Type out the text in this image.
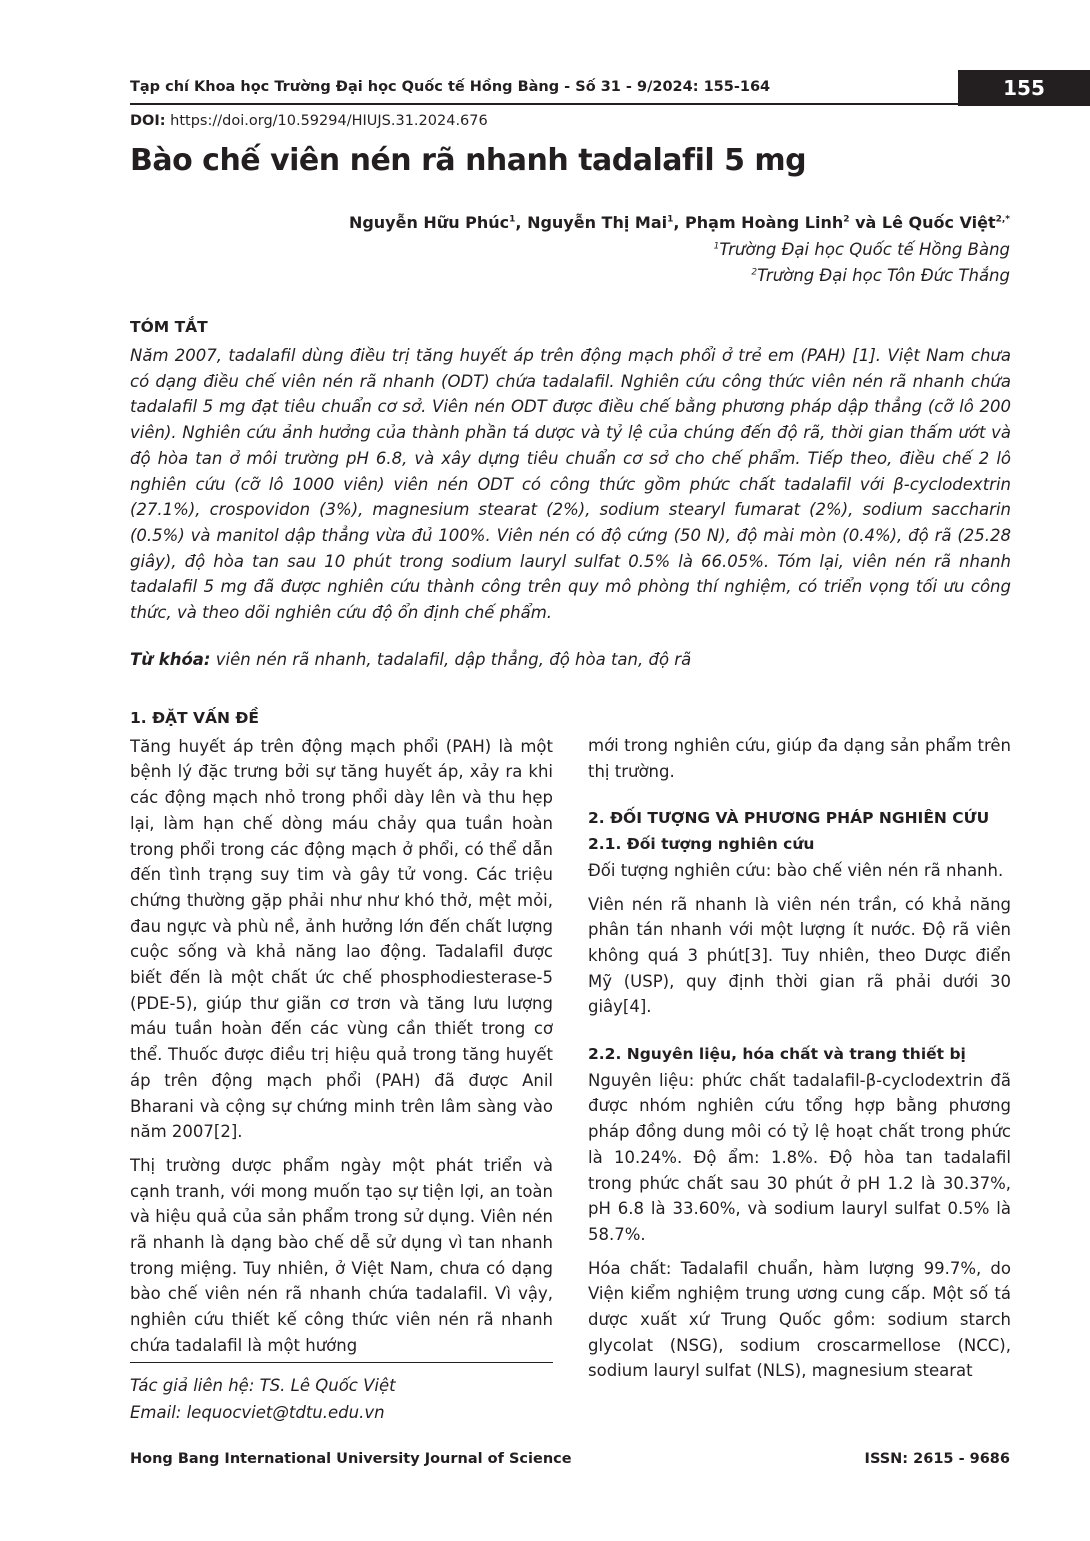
Tạp chí Khoa học Trường Đại học Quốc tế Hồng Bàng - Số 31 - 9/2024: 155-164	155
DOI: https://doi.org/10.59294/HIUJS.31.2024.676
Bào chế viên nén rã nhanh tadalafil 5 mg
Nguyễn Hữu Phúc$^1$, Nguyễn Thị Mai$^1$, Phạm Hoàng Linh$^2$ và Lê Quốc Việt$^{2,*}$
$^1$Trường Đại học Quốc tế Hồng Bàng
$^2$Trường Đại học Tôn Đức Thắng
TÓM TẮT
Năm 2007, tadalafil dùng điều trị tăng huyết áp trên động mạch phổi ở trẻ em (PAH) [1]. Việt Nam chưa có dạng điều chế viên nén rã nhanh (ODT) chứa tadalafil. Nghiên cứu công thức viên nén rã nhanh chứa tadalafil 5 mg đạt tiêu chuẩn cơ sở. Viên nén ODT được điều chế bằng phương pháp dập thẳng (cỡ lô 200 viên). Nghiên cứu ảnh hưởng của thành phần tá dược và tỷ lệ của chúng đến độ rã, thời gian thấm ướt và độ hòa tan ở môi trường pH 6.8, và xây dựng tiêu chuẩn cơ sở cho chế phẩm. Tiếp theo, điều chế 2 lô nghiên cứu (cỡ lô 1000 viên) viên nén ODT có công thức gồm phức chất tadalafil với β-cyclodextrin (27.1%), crospovidon (3%), magnesium stearat (2%), sodium stearyl fumarat (2%), sodium saccharin (0.5%) và manitol dập thẳng vừa đủ 100%. Viên nén có độ cứng (50 N), độ mài mòn (0.4%), độ rã (25.28 giây), độ hòa tan sau 10 phút trong sodium lauryl sulfat 0.5% là 66.05%. Tóm lại, viên nén rã nhanh tadalafil 5 mg đã được nghiên cứu thành công trên quy mô phòng thí nghiệm, có triển vọng tối ưu công thức, và theo dõi nghiên cứu độ ổn định chế phẩm.
Từ khóa: viên nén rã nhanh, tadalafil, dập thẳng, độ hòa tan, độ rã
1. ĐẶT VẤN ĐỀ

Tăng huyết áp trên động mạch phổi (PAH) là một bệnh lý đặc trưng bởi sự tăng huyết áp, xảy ra khi các động mạch nhỏ trong phổi dày lên và thu hẹp lại, làm hạn chế dòng máu chảy qua tuần hoàn trong phổi trong các động mạch ở phổi, có thể dẫn đến tình trạng suy tim và gây tử vong. Các triệu chứng thường gặp phải như như khó thở, mệt mỏi, đau ngực và phù nề, ảnh hưởng lớn đến chất lượng cuộc sống và khả năng lao động. Tadalafil được biết đến là một chất ức chế phosphodiesterase-5 (PDE-5), giúp thư giãn cơ trơn và tăng lưu lượng máu tuần hoàn đến các vùng cần thiết trong cơ thể. Thuốc được điều trị hiệu quả trong tăng huyết áp trên động mạch phổi (PAH) đã được Anil Bharani và cộng sự chứng minh trên lâm sàng vào năm 2007[2].

Thị trường dược phẩm ngày một phát triển và cạnh tranh, với mong muốn tạo sự tiện lợi, an toàn và hiệu quả của sản phẩm trong sử dụng. Viên nén rã nhanh là dạng bào chế dễ sử dụng vì tan nhanh trong miệng. Tuy nhiên, ở Việt Nam, chưa có dạng bào chế viên nén rã nhanh chứa tadalafil. Vì vậy, nghiên cứu thiết kế công thức viên nén rã nhanh chứa tadalafil là một hướng

mới trong nghiên cứu, giúp đa dạng sản phẩm trên thị trường.

2. ĐỐI TƯỢNG VÀ PHƯƠNG PHÁP NGHIÊN CỨU
2.1. Đối tượng nghiên cứu

Đối tượng nghiên cứu: bào chế viên nén rã nhanh.

Viên nén rã nhanh là viên nén trần, có khả năng phân tán nhanh với một lượng ít nước. Độ rã viên không quá 3 phút[3]. Tuy nhiên, theo Dược điển Mỹ (USP), quy định thời gian rã phải dưới 30 giây[4].

2.2. Nguyên liệu, hóa chất và trang thiết bị

Nguyên liệu: phức chất tadalafil-β-cyclodextrin đã được nhóm nghiên cứu tổng hợp bằng phương pháp đồng dung môi có tỷ lệ hoạt chất trong phức là 10.24%. Độ ẩm: 1.8%. Độ hòa tan tadalafil trong phức chất sau 30 phút ở pH 1.2 là 30.37%, pH 6.8 là 33.60%, và sodium lauryl sulfat 0.5% là 58.7%.

Hóa chất: Tadalafil chuẩn, hàm lượng 99.7%, do Viện kiểm nghiệm trung ương cung cấp. Một số tá dược xuất xứ Trung Quốc gồm: sodium starch glycolat (NSG), sodium croscarmellose (NCC), sodium lauryl sulfat (NLS), magnesium stearat

Tác giả liên hệ: TS. Lê Quốc Việt
Email: lequocviet@tdtu.edu.vn
Hong Bang International University Journal of Science	ISSN: 2615 - 9686
